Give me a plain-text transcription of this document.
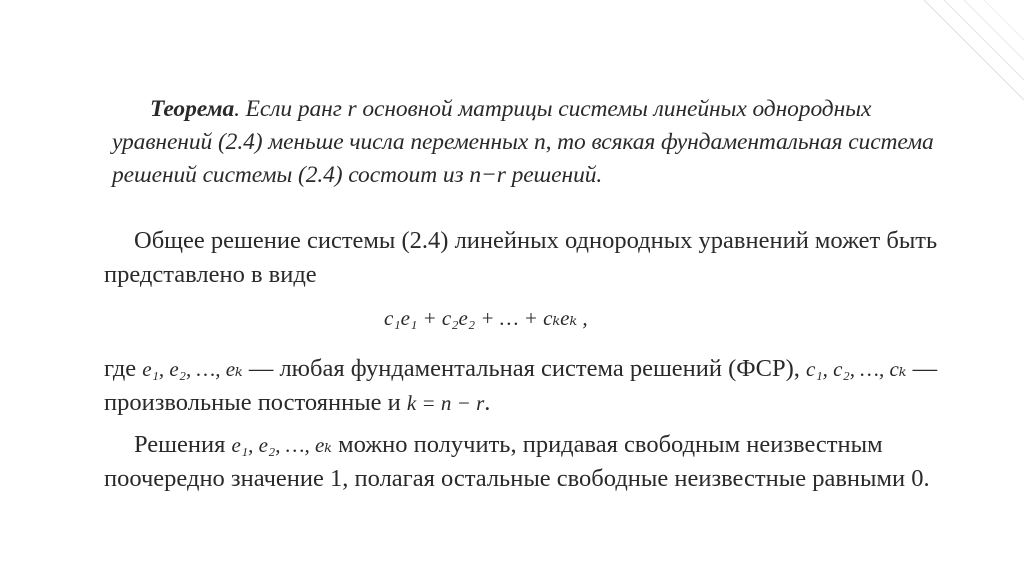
Теорема. Если ранг r основной матрицы системы линейных однородных уравнений (2.4) меньше числа переменных n, то всякая фундаментальная система решений системы (2.4) состоит из n−r решений.
Общее решение системы (2.4) линейных однородных уравнений может быть представлено в виде
c₁e₁ + c₂e₂ + … + cₖeₖ ,
где e₁, e₂, …, eₖ — любая фундаментальная система решений (ФСР), c₁, c₂, …, cₖ — произвольные постоянные и k = n − r.
Решения e₁, e₂, …, eₖ можно получить, придавая свободным неизвестным поочередно значение 1, полагая остальные свободные неизвестные равными 0.
